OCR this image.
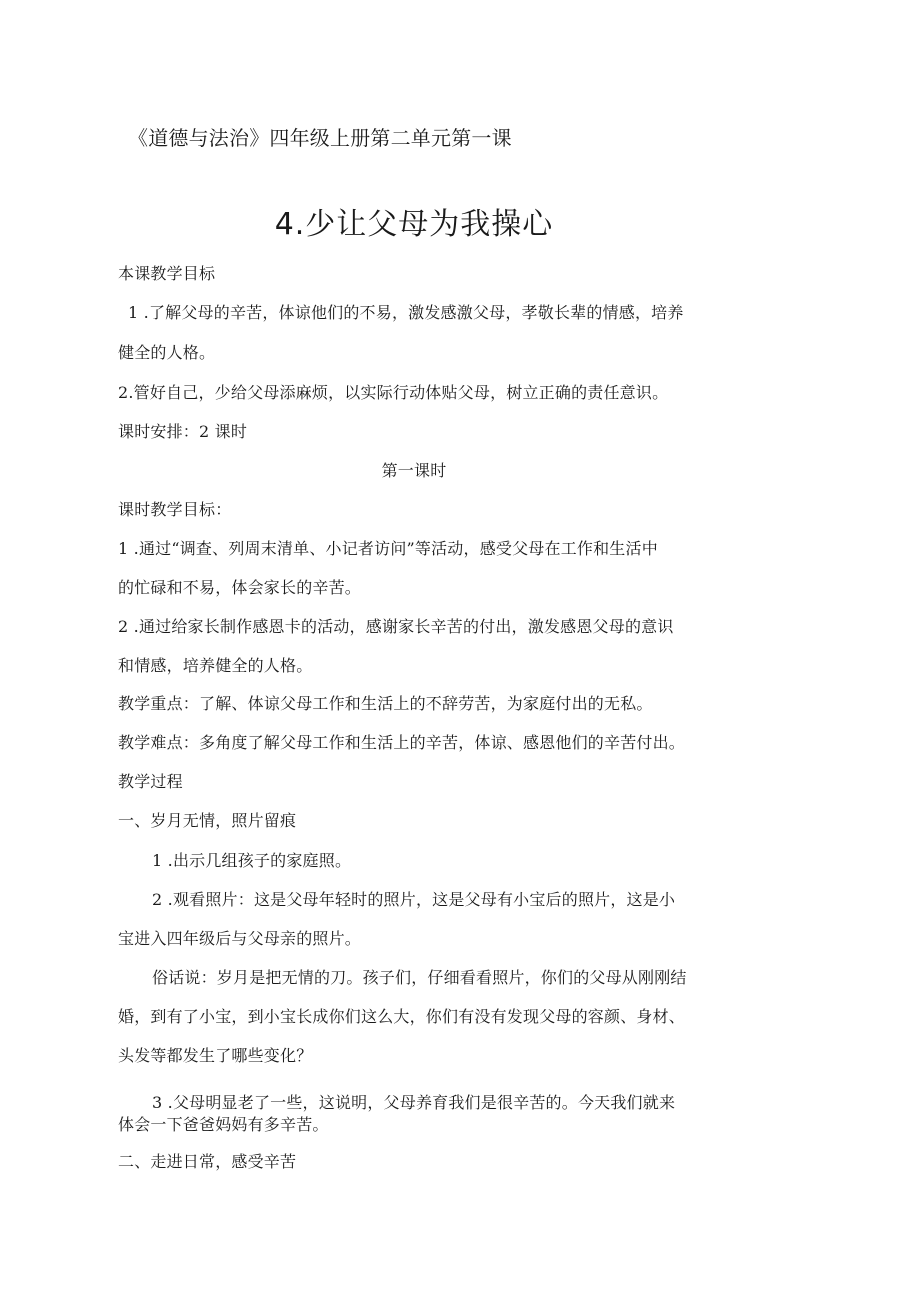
《道德与法治》四年级上册第二单元第一课
4.少让父母为我操心
本课教学目标
1 .了解父母的辛苦，体谅他们的不易，激发感激父母，孝敬长辈的情感，培养
健全的人格。
2.管好自己，少给父母添麻烦，以实际行动体贴父母，树立正确的责任意识。
课时安排：2 课时
第一课时
课时教学目标：
1 .通过“调查、列周末清单、小记者访问”等活动，感受父母在工作和生活中
的忙碌和不易，体会家长的辛苦。
2 .通过给家长制作感恩卡的活动，感谢家长辛苦的付出，激发感恩父母的意识
和情感，培养健全的人格。
教学重点：了解、体谅父母工作和生活上的不辞劳苦，为家庭付出的无私。
教学难点：多角度了解父母工作和生活上的辛苦，体谅、感恩他们的辛苦付出。
教学过程
一、岁月无情，照片留痕
1 .出示几组孩子的家庭照。
2 .观看照片：这是父母年轻时的照片，这是父母有小宝后的照片，这是小
宝进入四年级后与父母亲的照片。
俗话说：岁月是把无情的刀。孩子们，仔细看看照片，你们的父母从刚刚结
婚，到有了小宝，到小宝长成你们这么大，你们有没有发现父母的容颜、身材、
头发等都发生了哪些变化？
3 .父母明显老了一些，这说明，父母养育我们是很辛苦的。今天我们就来
体会一下爸爸妈妈有多辛苦。
二、走进日常，感受辛苦
